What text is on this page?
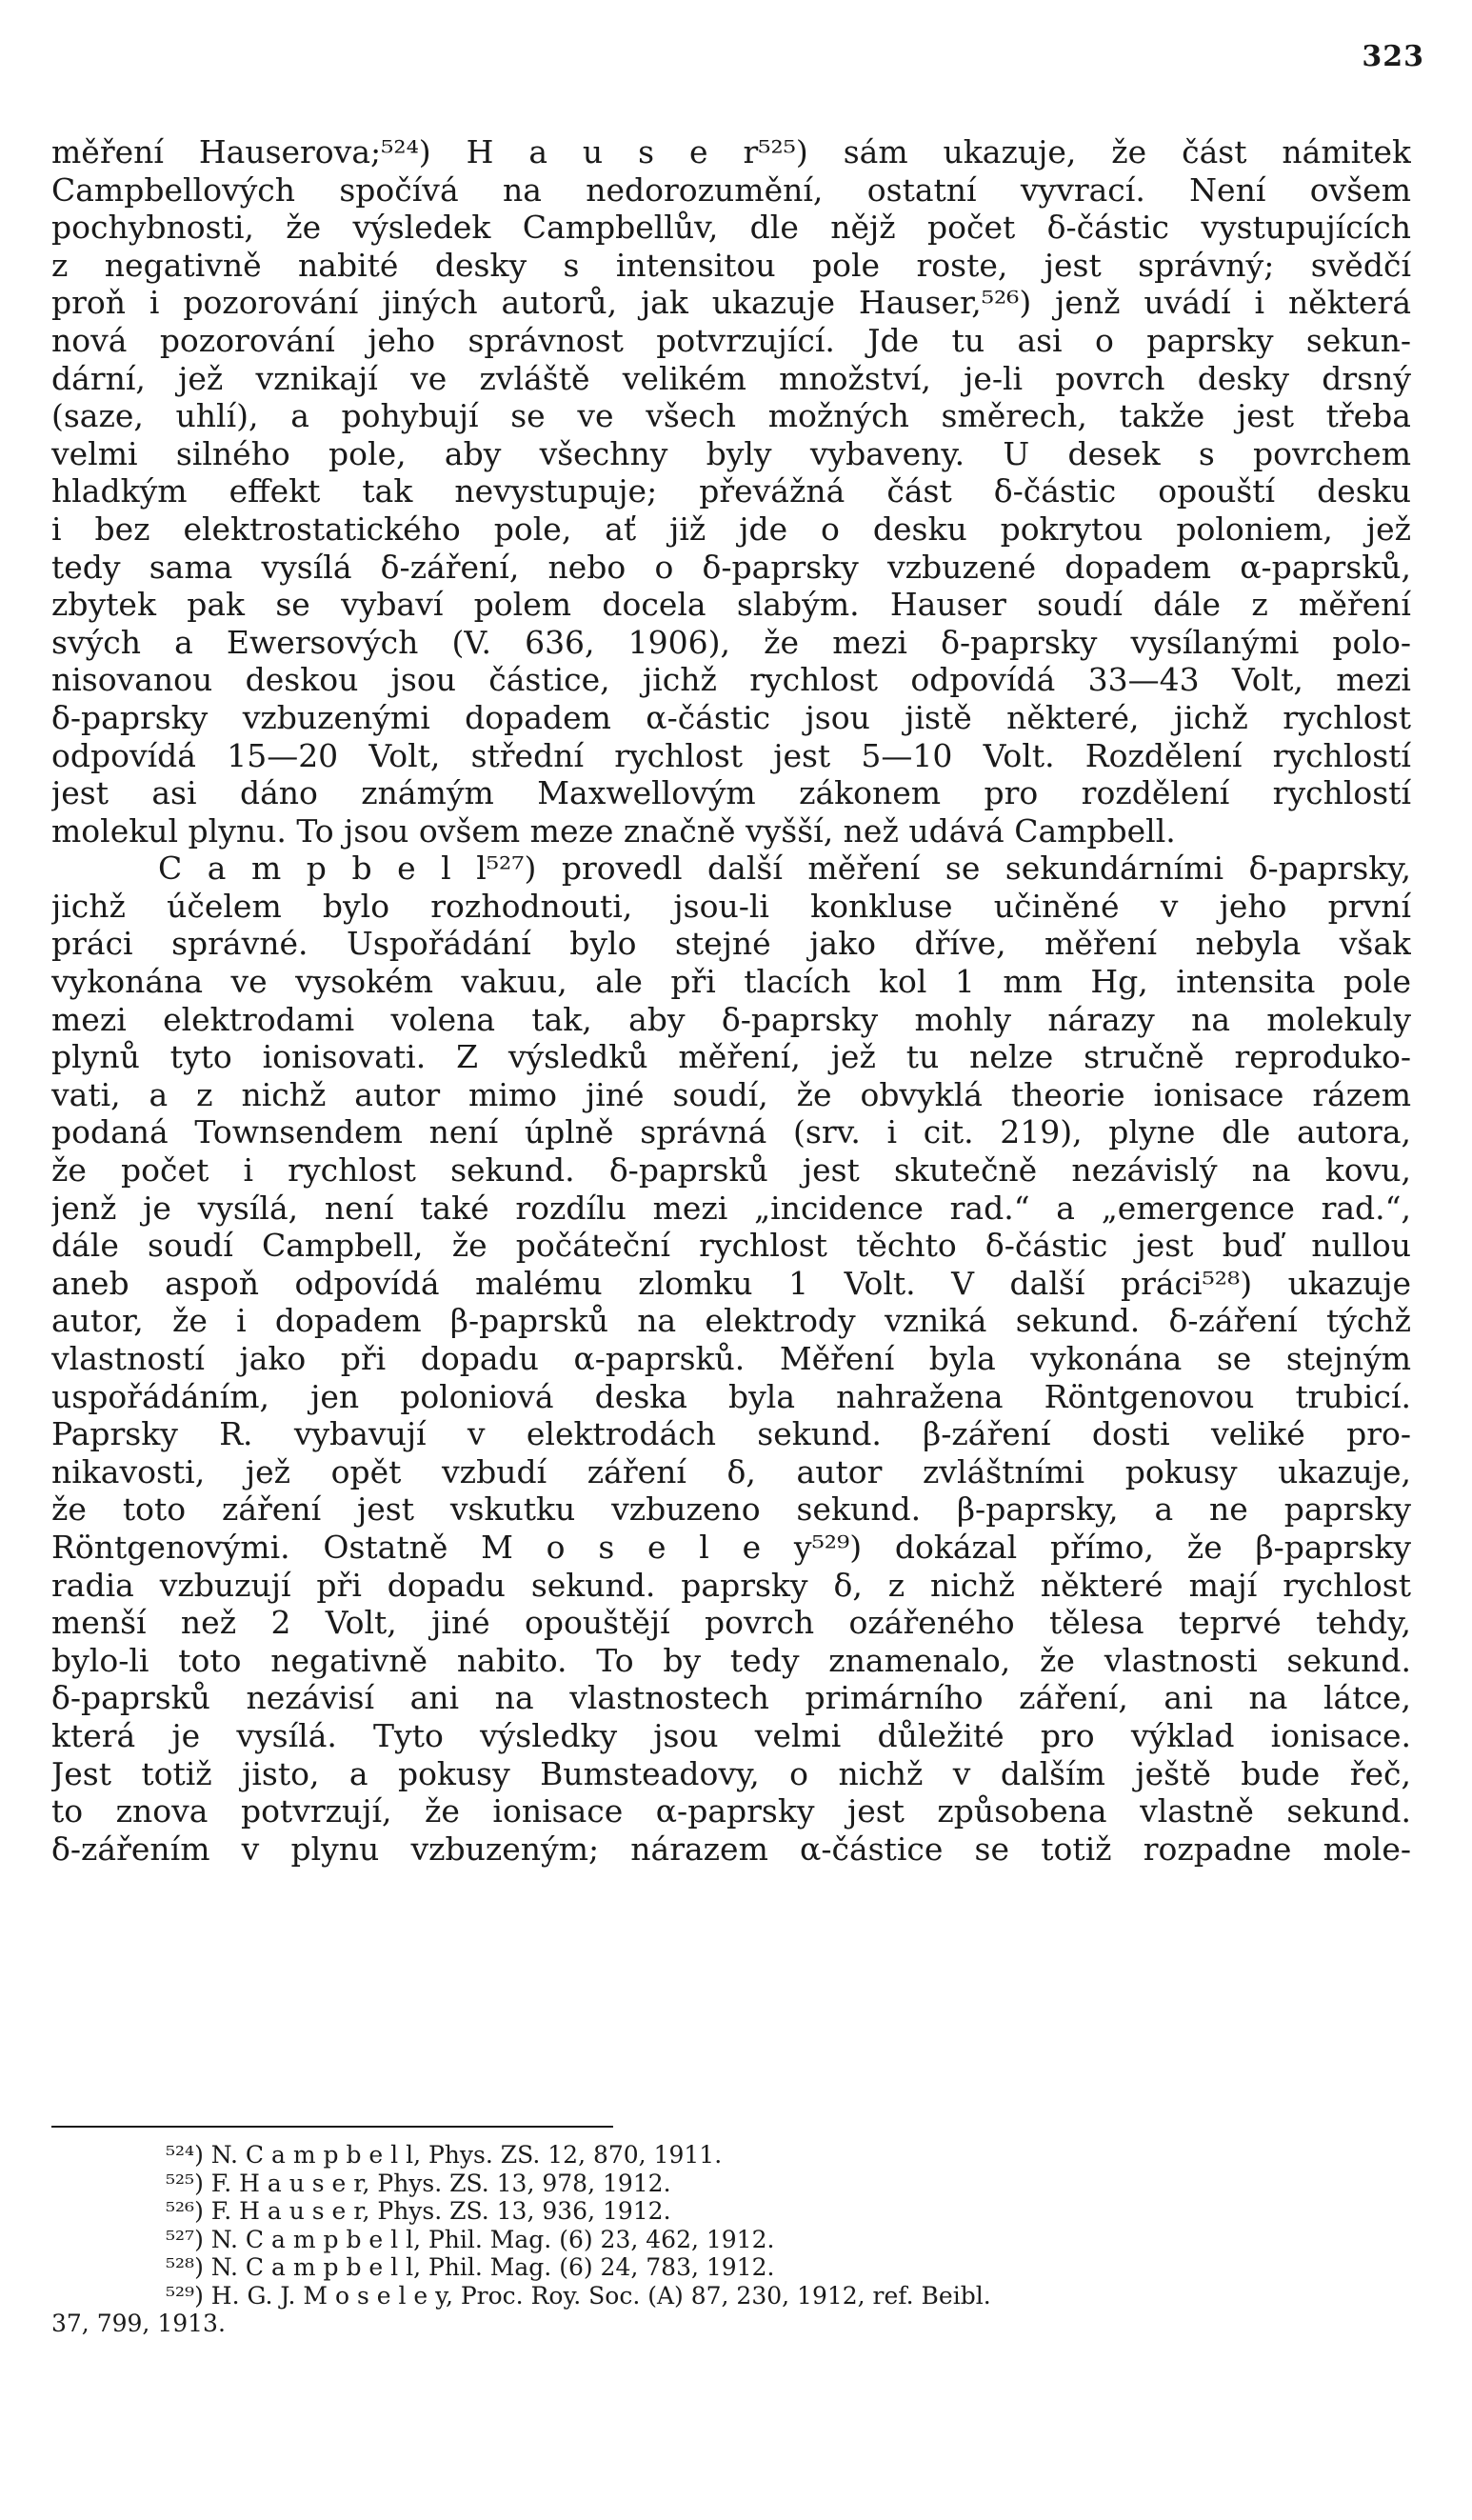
323
měření Hauserova;⁵²⁴) H a u s e r⁵²⁵) sám ukazuje, že část námitek
Campbellových spočívá na nedorozumění, ostatní vyvrací. Není ovšem
pochybnosti, že výsledek Campbellův, dle nějž počet δ-částic vystupujících
z negativně nabité desky s intensitou pole roste, jest správný; svědčí
proň i pozorování jiných autorů, jak ukazuje Hauser,⁵²⁶) jenž uvádí i některá
nová pozorování jeho správnost potvrzující. Jde tu asi o paprsky sekun-
dární, jež vznikají ve zvláště velikém množství, je-li povrch desky drsný
(saze, uhlí), a pohybují se ve všech možných směrech, takže jest třeba
velmi silného pole, aby všechny byly vybaveny. U desek s povrchem
hladkým effekt tak nevystupuje; převážná část δ-částic opouští desku
i bez elektrostatického pole, ať již jde o desku pokrytou poloniem, jež
tedy sama vysílá δ-záření, nebo o δ-paprsky vzbuzené dopadem α-paprsků,
zbytek pak se vybaví polem docela slabým. Hauser soudí dále z měření
svých a Ewersových (V. 636, 1906), že mezi δ-paprsky vysílanými polo-
nisovanou deskou jsou částice, jichž rychlost odpovídá 33—43 Volt, mezi
δ-paprsky vzbuzenými dopadem α-částic jsou jistě některé, jichž rychlost
odpovídá 15—20 Volt, střední rychlost jest 5—10 Volt. Rozdělení rychlostí
jest asi dáno známým Maxwellovým zákonem pro rozdělení rychlostí
molekul plynu. To jsou ovšem meze značně vyšší, než udává Campbell.
C a m p b e l l⁵²⁷) provedl další měření se sekundárními δ-paprsky,
jichž účelem bylo rozhodnouti, jsou-li konkluse učiněné v jeho první
práci správné. Uspořádání bylo stejné jako dříve, měření nebyla však
vykonána ve vysokém vakuu, ale při tlacích kol 1 mm Hg, intensita pole
mezi elektrodami volena tak, aby δ-paprsky mohly nárazy na molekuly
plynů tyto ionisovati. Z výsledků měření, jež tu nelze stručně reproduko-
vati, a z nichž autor mimo jiné soudí, že obvyklá theorie ionisace rázem
podaná Townsendem není úplně správná (srv. i cit. 219), plyne dle autora,
že počet i rychlost sekund. δ-paprsků jest skutečně nezávislý na kovu,
jenž je vysílá, není také rozdílu mezi „incidence rad.“ a „emergence rad.“,
dále soudí Campbell, že počáteční rychlost těchto δ-částic jest buď nullou
aneb aspoň odpovídá malému zlomku 1 Volt. V další práci⁵²⁸) ukazuje
autor, že i dopadem β-paprsků na elektrody vzniká sekund. δ-záření týchž
vlastností jako při dopadu α-paprsků. Měření byla vykonána se stejným
uspořádáním, jen poloniová deska byla nahražena Röntgenovou trubicí.
Paprsky R. vybavují v elektrodách sekund. β-záření dosti veliké pro-
nikavosti, jež opět vzbudí záření δ, autor zvláštními pokusy ukazuje,
že toto záření jest vskutku vzbuzeno sekund. β-paprsky, a ne paprsky
Röntgenovými. Ostatně M o s e l e y⁵²⁹) dokázal přímo, že β-paprsky
radia vzbuzují při dopadu sekund. paprsky δ, z nichž některé mají rychlost
menší než 2 Volt, jiné opouštějí povrch ozářeného tělesa teprvé tehdy,
bylo-li toto negativně nabito. To by tedy znamenalo, že vlastnosti sekund.
δ-paprsků nezávisí ani na vlastnostech primárního záření, ani na látce,
která je vysílá. Tyto výsledky jsou velmi důležité pro výklad ionisace.
Jest totiž jisto, a pokusy Bumsteadovy, o nichž v dalším ještě bude řeč,
to znova potvrzují, že ionisace α-paprsky jest způsobena vlastně sekund.
δ-zářením v plynu vzbuzeným; nárazem α-částice se totiž rozpadne mole-
⁵²⁴) N. C a m p b e l l, Phys. ZS. 12, 870, 1911.
⁵²⁵) F. H a u s e r, Phys. ZS. 13, 978, 1912.
⁵²⁶) F. H a u s e r, Phys. ZS. 13, 936, 1912.
⁵²⁷) N. C a m p b e l l, Phil. Mag. (6) 23, 462, 1912.
⁵²⁸) N. C a m p b e l l, Phil. Mag. (6) 24, 783, 1912.
⁵²⁹) H. G. J. M o s e l e y, Proc. Roy. Soc. (A) 87, 230, 1912, ref. Beibl.
37, 799, 1913.
